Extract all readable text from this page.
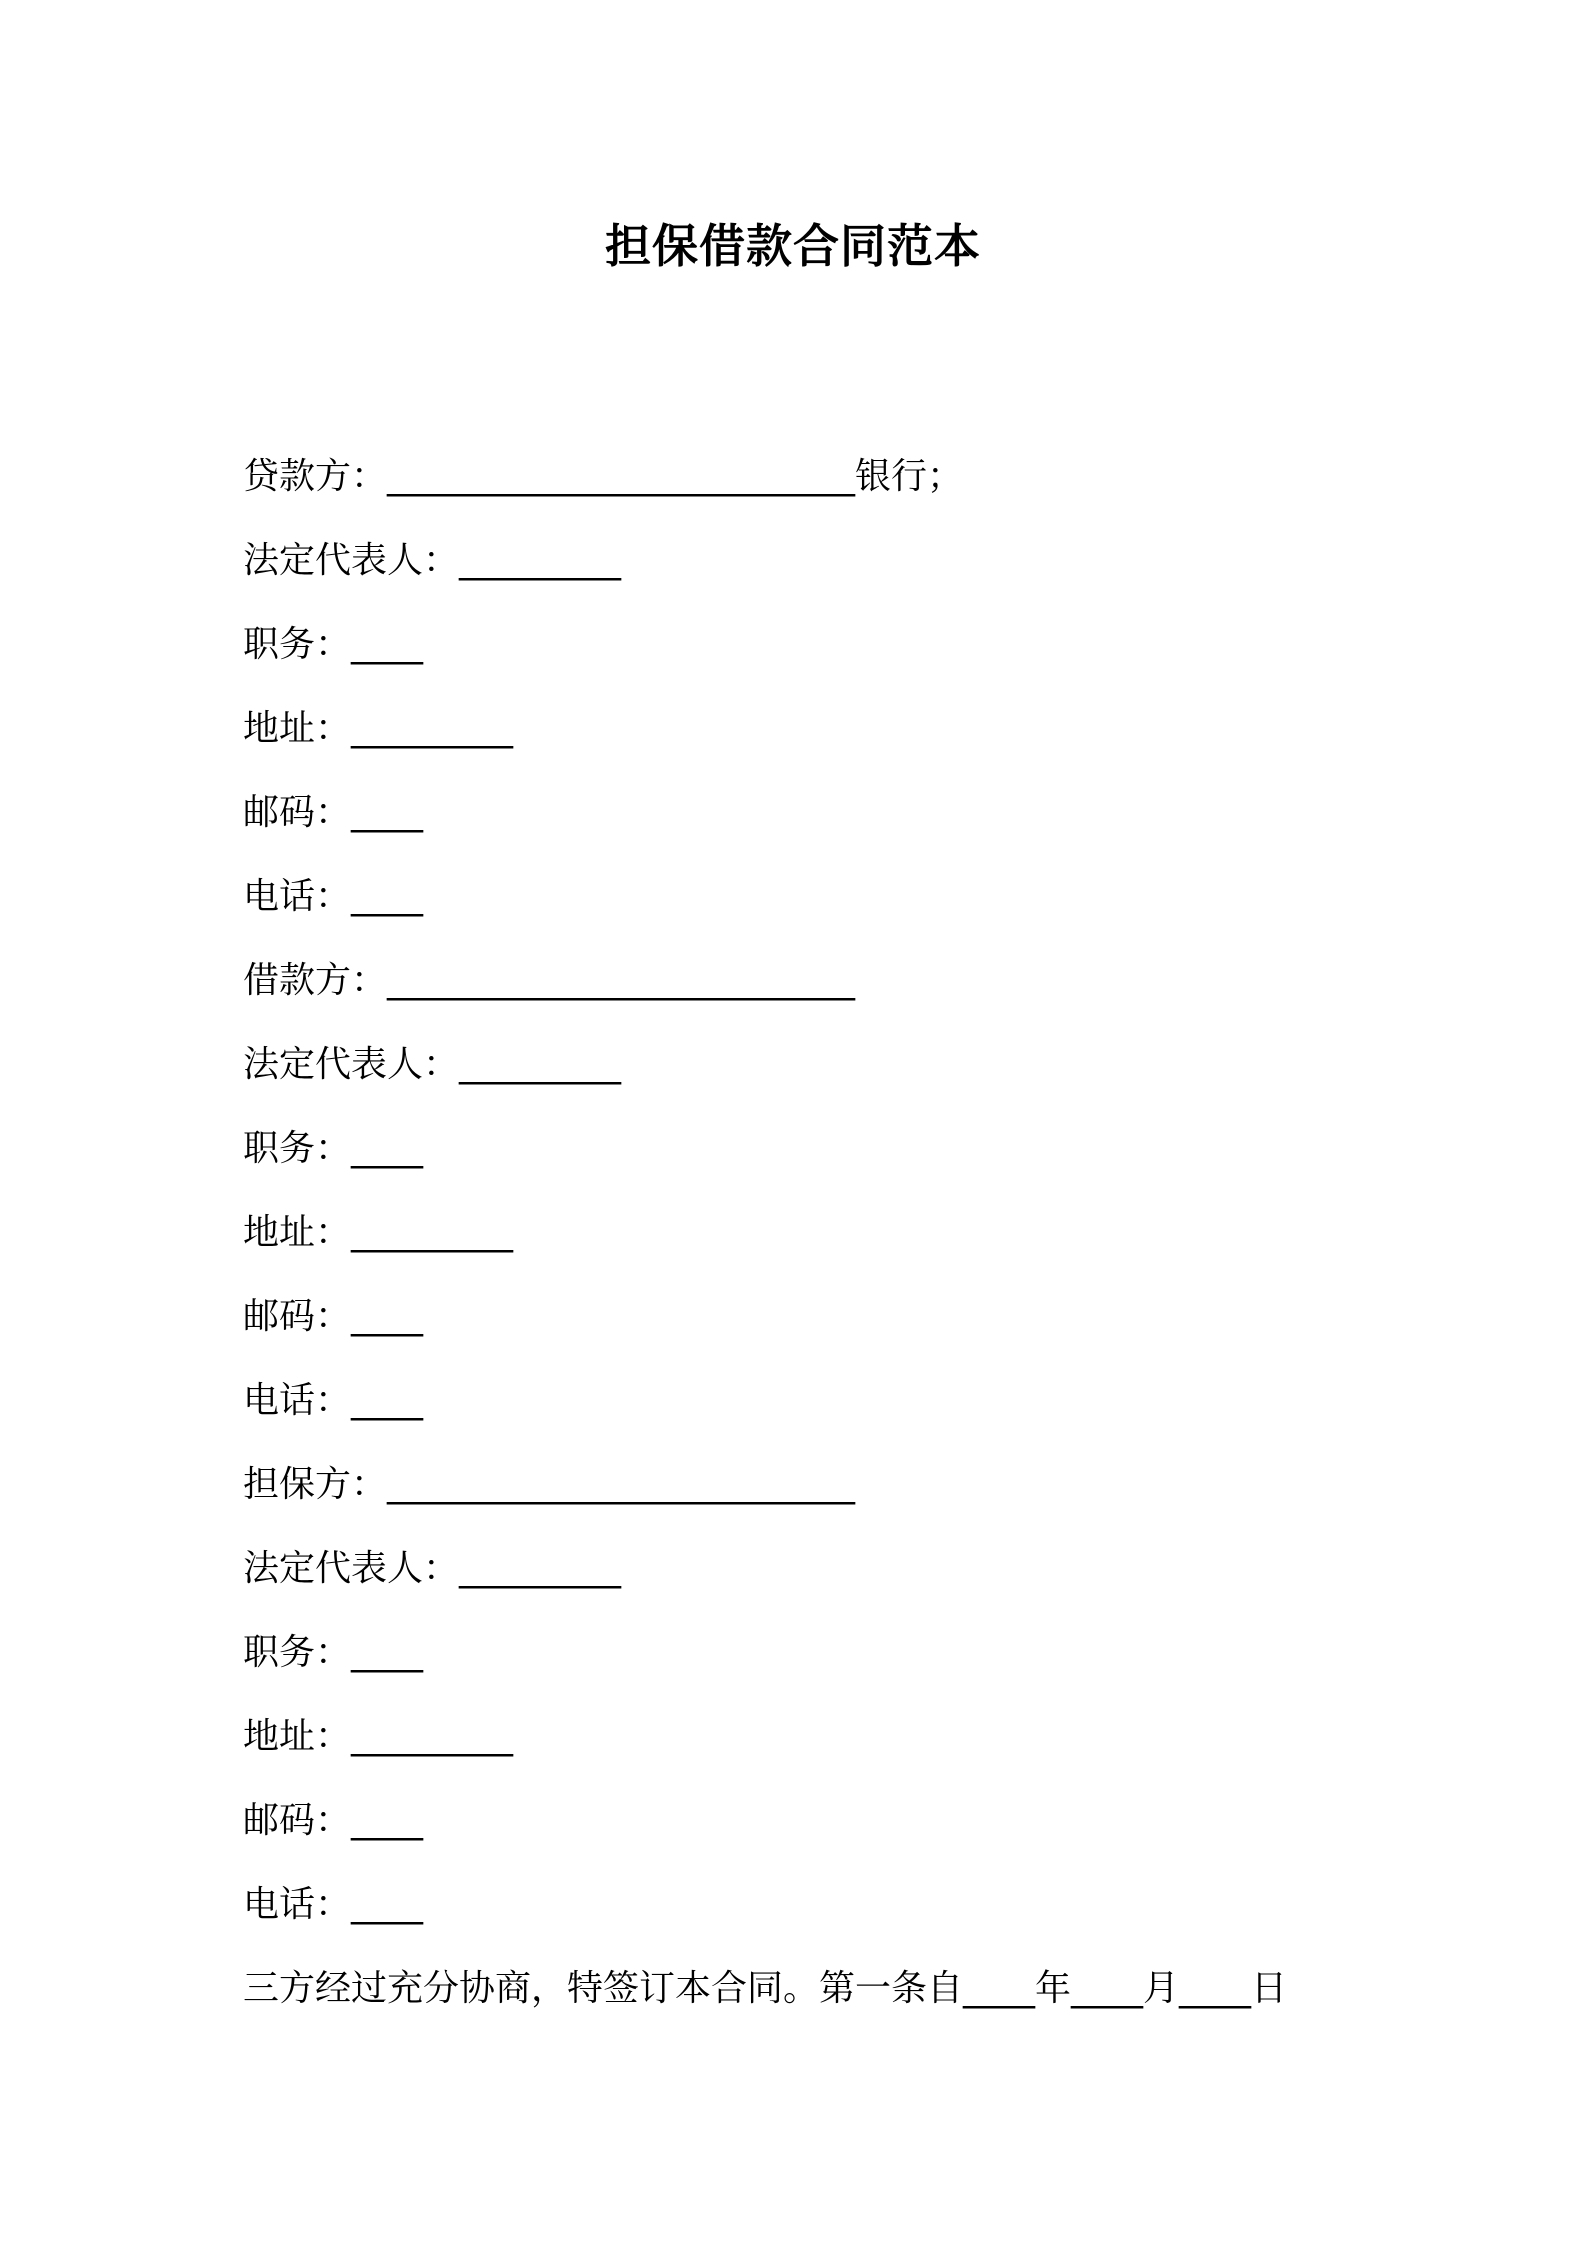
担保借款合同范本
贷款方：__________________________银行；
法定代表人：_________
职务：____
地址：_________
邮码：____
电话：____
借款方：__________________________
法定代表人：_________
职务：____
地址：_________
邮码：____
电话：____
担保方：__________________________
法定代表人：_________
职务：____
地址：_________
邮码：____
电话：____
三方经过充分协商，特签订本合同。第一条自____年____月____日
